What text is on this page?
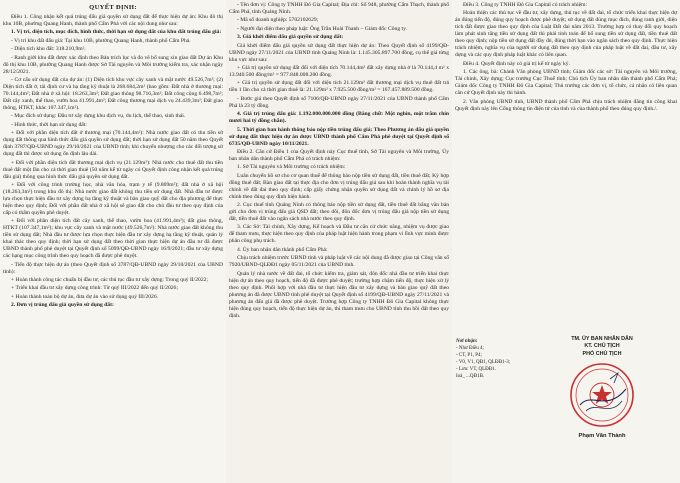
QUYẾT ĐỊNH:

Điều 1. Công nhận kết quả trúng đấu giá quyền sử dụng đất để thực hiện dự án: Khu đô thị khu 10B, phường Quang Hanh, thành phố Cẩm Phả với các nội dung như sau:

1. Vị trí, diện tích, mục đích, hình thức, thời hạn sử dụng đất của khu đất trúng đấu giá:

- Vị trí khu đất đấu giá: Tại khu 10B, phường Quang Hanh, thành phố Cẩm Phả.

- Diện tích khu đất: 318.210,9m².

- Ranh giới khu đất được xác định theo Bản trích lục và đo vẽ bổ sung xin giao đất Dự án Khu đô thị khu 10B, phường Quang Hanh được Sở Tài nguyên và Môi trường kiểm tra, xác nhận ngày 28/12/2021.

- Cơ cấu sử dụng đất của dự án: (1) Diện tích khu vực cây xanh và mặt nước 49.526,7m²; (2) Diện tích đất ở, tái định cư và hạ tầng kỹ thuật là 268.684,2m² (bao gồm: Đất nhà ở thương mại: 70.144,4m²; Đất nhà ở xã hội: 18.263,3m²; Đất giao thông 98.716,3m²; Đất công cộng 6.498,7m²; Đất cây xanh, thể thao, vườn hoa 41.991,4m²; Đất công thương mại dịch vụ 24.439,3m²; Đất giao thông, HTKT, khác 107.347,1m²).

- Mục đích sử dụng: Đầu tư xây dựng khu dịch vụ, du lịch, thể thao, sinh thái.

- Hình thức, thời hạn sử dụng đất:

+ Đối với phần diện tích đất ở thương mại (70.144,4m²): Nhà nước giao đất có thu tiền sử dụng đất thông qua hình thức đấu giá quyền sử dụng đất; thời hạn sử dụng đất 50 năm theo Quyết định 3787/QĐ-UBND ngày 29/10/2021 của UBND tỉnh; khi chuyển nhượng cho các đối tượng sử dụng đất thì được sử dụng ổn định lâu dài.

+ Đối với phần diện tích đất thương mại dịch vụ (21.129m²): Nhà nước cho thuê đất thu tiền thuê đất một lần cho cả thời gian thuê (50 năm kể từ ngày có Quyết định công nhận kết quả trúng đấu giá) thông qua hình thức đấu giá quyền sử dụng đất.

+ Đối với công trình trường học, nhà văn hóa, trạm y tế (9.809m²); đất nhà ở xã hội (18.263,3m²) trong khu đô thị: Nhà nước giao đất không thu tiền sử dụng đất. Nhà đầu tư được lựa chọn thực hiện đầu tư xây dựng hạ tầng kỹ thuật và bàn giao quỹ đất cho địa phương để thực hiện theo quy định; Đối với phần đất nhà ở xã hội sẽ giao đất cho chủ đầu tư theo quy định của cấp có thẩm quyền phê duyệt.

+ Đối với phần diện tích đất cây xanh, thể thao, vườn hoa (41.991,4m²); đất giao thông, HTKT (107.347,1m²); khu vực cây xanh và mặt nước (49.526,7m²): Nhà nước giao đất không thu tiền sử dụng đất; Nhà đầu tư được lựa chọn thực hiện đầu tư xây dựng hạ tầng kỹ thuật, quản lý khai thác theo quy định; thời hạn sử dụng đất theo thời gian thực hiện dự án đầu tư đã được UBND thành phố phê duyệt tại Quyết định số 5099/QĐ-UBND ngày 16/9/2021; đầu tư xây dựng các hạng mục công trình theo quy hoạch đã được phê duyệt.

- Tiến độ thực hiện dự án (theo Quyết định số 3787/QĐ-UBND ngày 29/10/2021 của UBND tỉnh):

+ Hoàn thành công tác chuẩn bị đầu tư, các thủ tục đầu tư xây dựng: Trong quý II/2022;

+ Triển khai đầu tư xây dựng công trình: Từ quý III/2022 đến quý II/2026;

+ Hoàn thành toàn bộ dự án, đưa dự án vào sử dụng quý III/2026.

2. Đơn vị trúng đấu giá quyền sử dụng đất:

- Tên đơn vị: Công ty TNHH Đô Gia Capital; Địa chỉ: Số 948, phường Cẩm Thạch, thành phố Cẩm Phả, tỉnh Quảng Ninh.

- Mã số doanh nghiệp: 5702102629;

- Người đại diện theo pháp luật: Ông Trần Hoài Thanh – Giám đốc Công ty.

3. Giá khởi điểm đấu giá quyền sử dụng đất:

Giá khởi điểm đấu giá quyền sử dụng đất thực hiện dự án: Theo Quyết định số 4199/QĐ-UBND ngày 27/11/2021 của UBND tỉnh Quảng Ninh là: 1.145.305.897.700 đồng, cụ thể giá từng khu vực như sau:

+ Giá trị quyền sử dụng đất đối với diện tích 70.144,4m² đất xây dựng nhà ở là 70.144,4 m² x 13.940.500 đồng/m² = 977.848.008.200 đồng.

+ Giá trị quyền sử dụng đất đối với diện tích 21.129m² đất thương mại dịch vụ thuê đất trả tiền 1 lần cho cả thời gian thuê là: 21.129m² x 7.925.500 đồng/m² = 167.457.889.500 đồng.

- Bước giá theo Quyết định số 7106/QĐ-UBND ngày 27/11/2021 của UBND thành phố Cẩm Phả là 23 tỷ đồng.

4. Giá trị trúng đấu giá: 1.192.000.000.000 đồng (Bằng chữ: Một nghìn, một trăm chín mươi hai tỷ đồng chẵn).

5. Thời gian ban hành thông báo nộp tiền trúng đấu giá: Theo Phương án đấu giá quyền sử dụng đất thực hiện dự án được UBND thành phố Cẩm Phả phê duyệt tại Quyết định số 6735/QĐ-UBND ngày 10/11/2021.

Điều 2. Căn cứ Điều 1 của Quyết định này Cục thuế tỉnh, Sở Tài nguyên và Môi trường, Ủy ban nhân dân thành phố Cẩm Phả có trách nhiệm:

1. Sở Tài nguyên và Môi trường có trách nhiệm:

Luân chuyển hồ sơ cho cơ quan thuế để thông báo nộp tiền sử dụng đất, tiền thuê đất; Ký hợp đồng thuê đất; Bàn giao đất tại thực địa cho đơn vị trúng đấu giá sau khi hoàn thành nghĩa vụ tài chính về đất đai theo quy định; cấp giấy chứng nhận quyền sử dụng đất và chỉnh lý hồ sơ địa chính theo đúng quy định hiện hành.

2. Cục thuế tỉnh Quảng Ninh có thông báo nộp tiền sử dụng đất, tiền thuê đất bằng văn bản gửi cho đơn vị trúng đấu giá QSD đất; theo dõi, đôn đốc đơn vị trúng đấu giá nộp tiền sử dụng đất, tiền thuê đất vào ngân sách nhà nước theo quy định.

3. Các Sở: Tài chính, Xây dựng, Kế hoạch và Đầu tư căn cứ chức năng, nhiệm vụ được giao để tham mưu, thực hiện theo quy định của pháp luật hiện hành trong phạm vi lĩnh vực mình được phân công phụ trách.

4. Ủy ban nhân dân thành phố Cẩm Phả:

Chịu trách nhiệm trước UBND tỉnh và pháp luật về các nội dung đã được giao tại Công văn số 7920/UBND-QLĐĐ1 ngày 05/11/2021 của UBND tỉnh.

Quản lý nhà nước về đất đai, tổ chức kiểm tra, giám sát, đôn đốc nhà đầu tư triển khai thực hiện dự án theo quy hoạch, tiến độ đã được phê duyệt; trường hợp chậm tiến độ, thực hiện xử lý theo quy định. Phối hợp với nhà đầu tư thực hiện đầu tư xây dựng và bàn giao quỹ đất theo phương án đã được UBND tỉnh phê duyệt tại Quyết định số 4199/QĐ-UBND ngày 27/11/2021 và phương án đấu giá đã được phê duyệt. Trường hợp Công ty TNHH Đô Gia Capital không thực hiện đúng quy hoạch, tiến độ thực hiện dự án, thì tham mưu cho UBND tỉnh thu hồi đất theo quy định.

Điều 3. Công ty TNHH Đô Gia Capital có trách nhiệm:

Hoàn thiện các thủ tục về đầu tư, xây dựng, thủ tục về đất đai, tổ chức triển khai thực hiện dự án đúng tiến độ, đúng quy hoạch được phê duyệt; sử dụng đất đúng mục đích, đúng ranh giới, diện tích đất được giao theo quy định của Luật Đất đai năm 2013. Trường hợp có thay đổi quy hoạch làm phát sinh tăng tiền sử dụng đất thì phải tính toán để bổ sung tiền sử dụng đất, tiền thuê đất theo quy định; nộp tiền sử dụng đất đầy đủ, đúng thời hạn vào ngân sách theo quy định. Thực hiện trách nhiệm, nghĩa vụ của người sử dụng đất theo quy định của pháp luật về đất đai, đầu tư, xây dựng và các quy định pháp luật khác có liên quan.

Điều 4. Quyết định này có giá trị kể từ ngày ký.

1. Các ông, bà: Chánh Văn phòng UBND tỉnh; Giám đốc các sở: Tài nguyên và Môi trường, Tài chính, Xây dựng; Cục trưởng Cục Thuế tỉnh; Chủ tịch Ủy ban nhân dân thành phố Cẩm Phả; Giám đốc Công ty TNHH Đô Gia Capital; Thủ trưởng các đơn vị, tổ chức, cá nhân có liên quan căn cứ Quyết định này thi hành.

2. Văn phòng UBND tỉnh, UBND thành phố Cẩm Phả chịu trách nhiệm đăng tin công khai Quyết định này lên Cổng thông tin điện tử của tỉnh và của thành phố theo đúng quy định./.

Nơi nhận:
- Như Điều 4;
- CT, P1, P4;
- V0, V1, QĐ1, QLĐĐ1-3;
- Lưu: VT, QLĐĐ1.
Ioả_ ...QĐ1B.
TM. ỦY BAN NHÂN DÂN
KT. CHỦ TỊCH
PHÓ CHỦ TỊCH
Phạm Văn Thành
